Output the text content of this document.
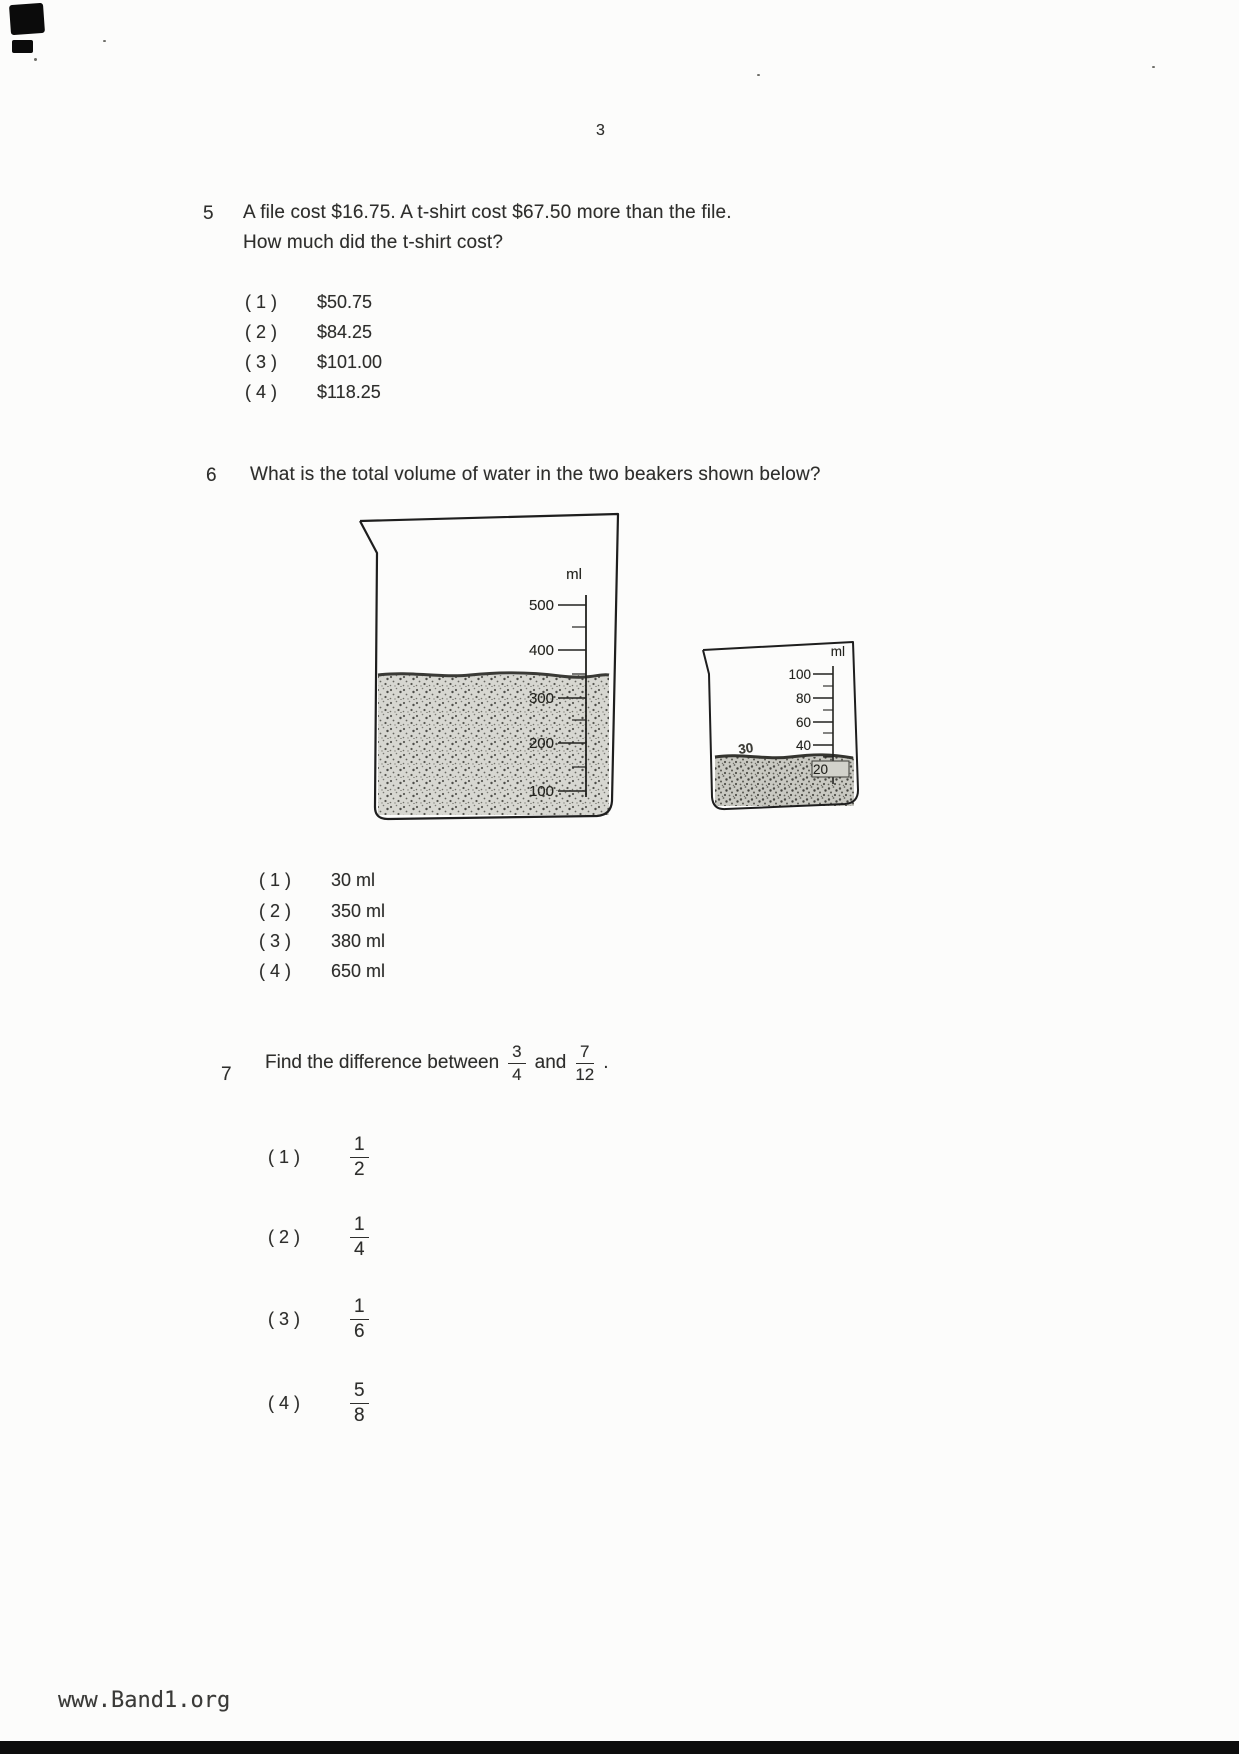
3
5 A file cost $16.75. A t-shirt cost $67.50 more than the file.
How much did the t-shirt cost?
( 1 ) $50.75
( 2 ) $84.25
( 3 ) $101.00
( 4 ) $118.25
6 What is the total volume of water in the two beakers shown below?
ml
500
400
300
200
100
ml
100
80
60
40
20
30
( 1 ) 30 ml
( 2 ) 350 ml
( 3 ) 380 ml
( 4 ) 650 ml
7
Find the difference between $\frac{3}{4}$ and $\frac{7}{12}$ .
( 1 )	$\frac{1}{2}$
( 2 )	$\frac{1}{4}$
( 3 )	$\frac{1}{6}$
( 4 )	$\frac{5}{8}$
www.Band1.org
